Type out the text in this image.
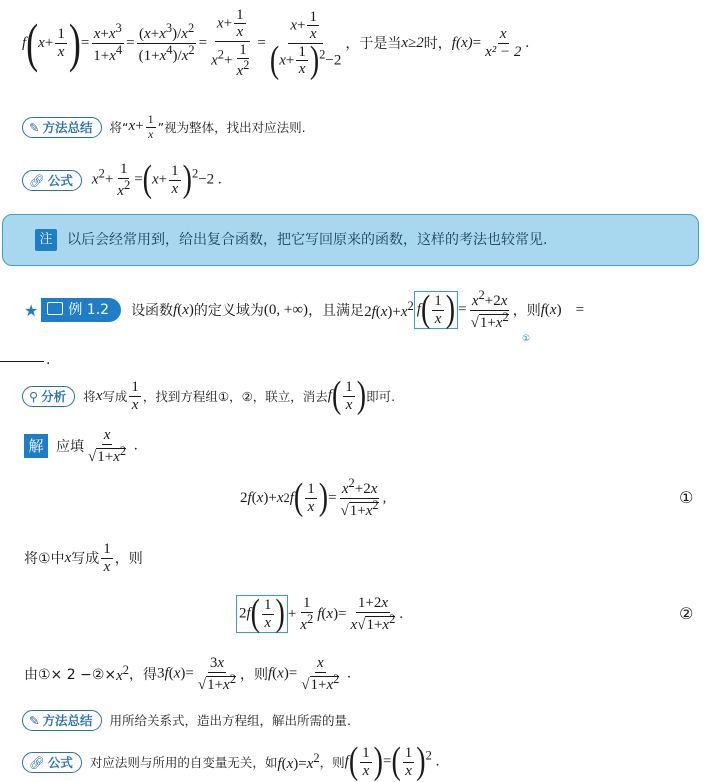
f ( $x + \frac{1}{x}$ ) = $\frac{x+x^3}{1+x^4} = \frac{(x+x^3)/x^2}{(1+x^4)/x^2} = \frac{x+ \frac{1}{x}}{x^2+ \frac{1}{x^2}} = \frac{x+ \frac{1}{x}}{(x+ \frac{1}{x} )^2-2}$ ，于是当 x≥2 时， $f(x) = \frac{x}{\text{x² − 2}}$ .
✎ 方法总结	将“ $x+ \frac{1}{x}$ ”视为整体，找出对应法则.
🔗︎ 公式	$x^2+ \frac{1}{x^2} =(x+ \frac{1}{x} )^2-2$ .
注	以后会经常用到，给出复合函数，把它写回原来的函数，这样的考法也较常见.
★	例 1.2	设函数 f (x) 的定义域为 (0, +∞) ，且满足 $2f(x)+x^2$ $f( \frac{1}{x}$ ) = $\frac{x^2+2x}{√1+x^2}$ ，则 f(x) =
①
.
⚲ 分析	将 x 写成 $\frac{1}{x}$ ，找到方程组①，②，联立，消去 $f( \frac{1}{x}$ ) 即可.
解 应填 $\frac{x}{√1+x^2}$ .
2 f ( x )+ x 2 f ( $\frac{1}{x}$ ) = $\frac{x^2+2x}{√1+x^2}$ ,	①
将①中 x 写成 $\frac{1}{x}$ ，则
$2f( \frac{1}{x}$ ) + $\frac{1}{x^2}$ f ( x )= $\frac{1+2x}{x√1+x^2}$ .	②
由①× 2 −②× $x^2$ ，得 $3f(x)= \frac{3x}{√1+x^2}$ ，则 $f(x)= \frac{x}{√1+x^2}$ .
✎ 方法总结	用所给关系式，造出方程组，解出所需的量.
🔗︎ 公式	对应法则与所用的自变量无关，如 $f(x)=x^2$ ，则 $f( \frac{1}{x}$ )=( $\frac{1}{x} )^2$ .
